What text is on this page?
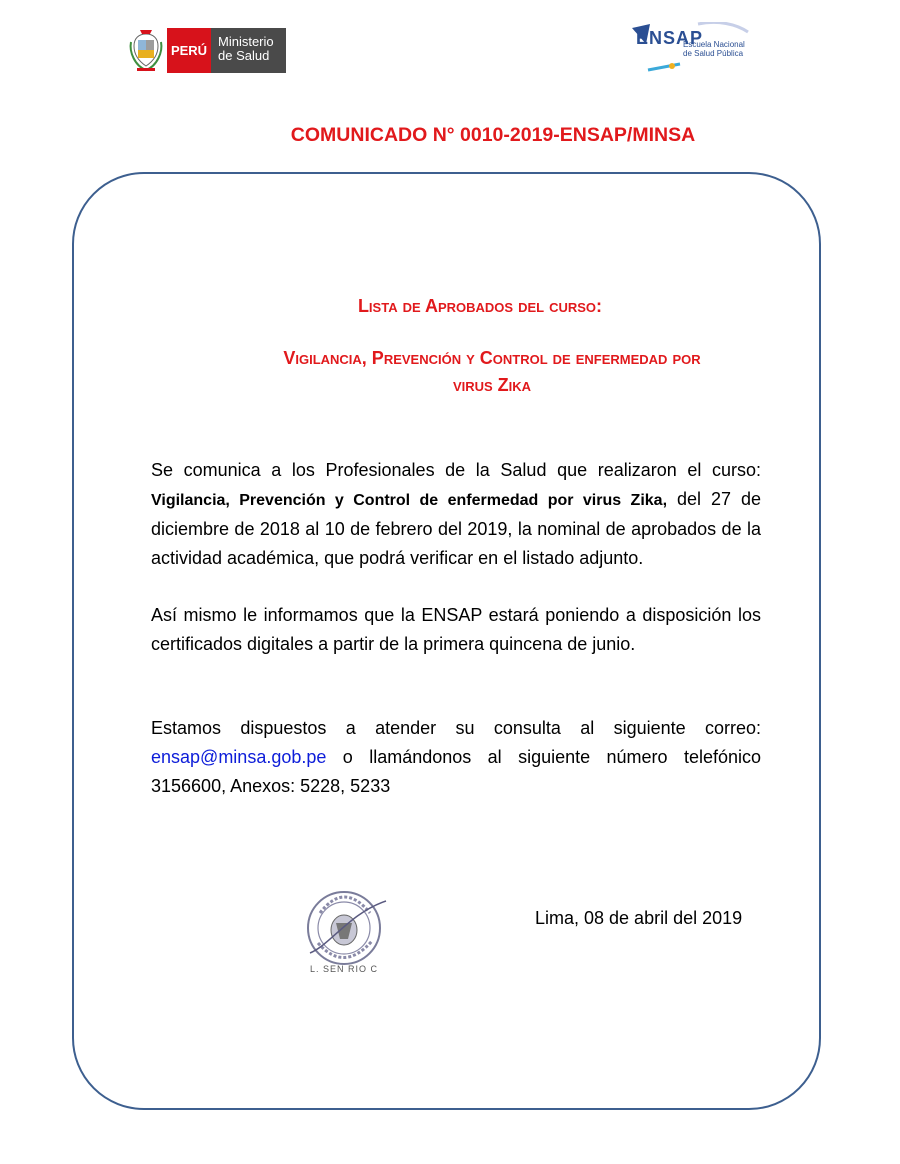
PERÚ
Ministerio
de Salud
ENSAP
Escuela Nacional
de Salud Pública
COMUNICADO N° 0010-2019-ENSAP/MINSA
Lista de Aprobados del curso:
Vigilancia, Prevención y Control de enfermedad por
virus Zika
Se comunica a los Profesionales de la Salud que realizaron el curso: Vigilancia, Prevención y Control de enfermedad por virus Zika, del 27 de diciembre de 2018 al 10 de febrero del 2019, la nominal de aprobados de la actividad académica, que podrá verificar en el listado adjunto.
Así mismo le informamos que la ENSAP estará poniendo a disposición los certificados digitales a partir de la primera quincena de junio.
Estamos dispuestos a atender su consulta al siguiente correo: ensap@minsa.gob.pe o llamándonos al siguiente número telefónico 3156600, Anexos: 5228, 5233
L. SEN RIO C
Lima, 08 de abril del 2019
